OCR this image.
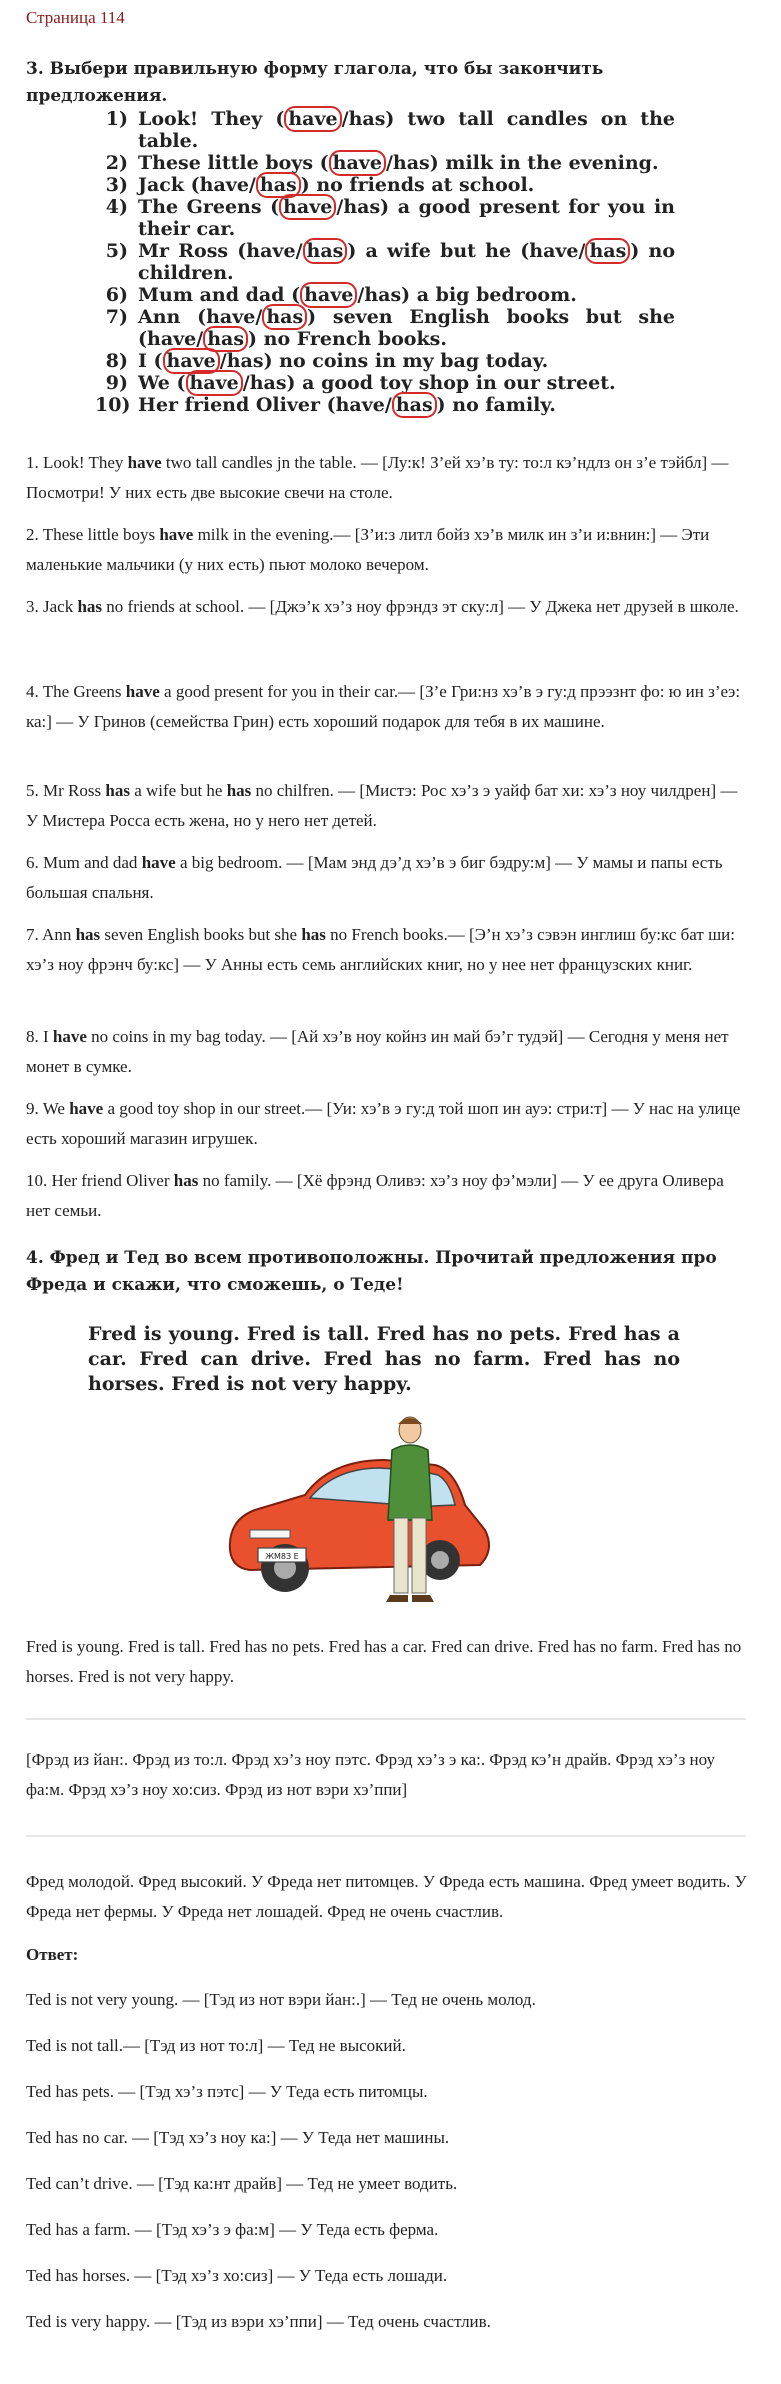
Страница 114
3. Выбери правильную форму глагола, что бы закончить предложения.
1) Look! They ( have /has) two tall candles on the table.
2) These little boys ( have /has) milk in the evening.
3) Jack (have/ has ) no friends at school.
4) The Greens ( have /has) a good present for you in their car.
5) Mr Ross (have/ has ) a wife but he (have/ has ) no children.
6) Mum and dad ( have /has) a big bedroom.
7) Ann (have/ has ) seven English books but she (have/ has ) no French books.
8) I ( have /has) no coins in my bag today.
9) We ( have /has) a good toy shop in our street.
10) Her friend Oliver (have/ has ) no family.
1. Look! They have two tall candles jn the table. — [Лу:к! З’ей хэ’в ту: то:л кэ’ндлз он з’е тэйбл] — Посмотри! У них есть две высокие свечи на столе.
2. These little boys have milk in the evening.— [З’и:з литл бойз хэ’в милк ин з’и и:внин:] — Эти маленькие мальчики (у них есть) пьют молоко вечером.
3. Jack has no friends at school. — [Джэ’к хэ’з ноу фрэндз эт ску:л] — У Джека нет друзей в школе.
4. The Greens have a good present for you in their car.— [З’е Гри:нз хэ’в э гу:д прээзнт фо: ю ин з’еэ: ка:] — У Гринов (семейства Грин) есть хороший подарок для тебя в их машине.
5. Mr Ross has a wife but he has no chilfren. — [Мистэ: Рос хэ’з э уайф бат хи: хэ’з ноу чилдрен] — У Мистера Росса есть жена, но у него нет детей.
6. Mum and dad have a big bedroom. — [Мам энд дэ’д хэ’в э биг бэдру:м] — У мамы и папы есть большая спальня.
7. Ann has seven English books but she has no French books.— [Э’н хэ’з сэвэн инглиш бу:кс бат ши: хэ’з ноу фрэнч бу:кс] — У Анны есть семь английских книг, но у нее нет французских книг.
8. I have no coins in my bag today. — [Ай хэ’в ноу койнз ин май бэ’г тудэй] — Сегодня у меня нет монет в сумке.
9. We have a good toy shop in our street.— [Уи: хэ’в э гу:д той шоп ин ауэ: стри:т] — У нас на улице есть хороший магазин игрушек.
10. Her friend Oliver has no family. — [Хё фрэнд Оливэ: хэ’з ноу фэ’мэли] — У ее друга Оливера нет семьи.
4. Фред и Тед во всем противоположны. Прочитай предложения про Фреда и скажи, что сможешь, о Теде!
Fred is young. Fred is tall. Fred has no pets. Fred has a car. Fred can drive. Fred has no farm. Fred has no horses. Fred is not very happy.
ЖМ8З Е
Fred is young. Fred is tall. Fred has no pets. Fred has a car. Fred can drive. Fred has no farm. Fred has no horses. Fred is not very happy.
[Фрэд из йан:. Фрэд из то:л. Фрэд хэ’з ноу пэтс. Фрэд хэ’з э ка:. Фрэд кэ’н драйв. Фрэд хэ’з ноу фа:м. Фрэд хэ’з ноу хо:сиз. Фрэд из нот вэри хэ’ппи]
Фред молодой. Фред высокий. У Фреда нет питомцев. У Фреда есть машина. Фред умеет водить. У Фреда нет фермы. У Фреда нет лошадей. Фред не очень счастлив.
Ответ:
Ted is not very young. — [Тэд из нот вэри йан:.] — Тед не очень молод.
Ted is not tall.— [Тэд из нот то:л] — Тед не высокий.
Ted has pets. — [Тэд хэ’з пэтс] — У Теда есть питомцы.
Ted has no car. — [Тэд хэ’з ноу ка:] — У Теда нет машины.
Ted can’t drive. — [Тэд ка:нт драйв] — Тед не умеет водить.
Ted has a farm. — [Тэд хэ’з э фа:м] — У Теда есть ферма.
Ted has horses. — [Тэд хэ’з хо:сиз] — У Теда есть лошади.
Ted is very happy. — [Тэд из вэри хэ’ппи] — Тед очень счастлив.
